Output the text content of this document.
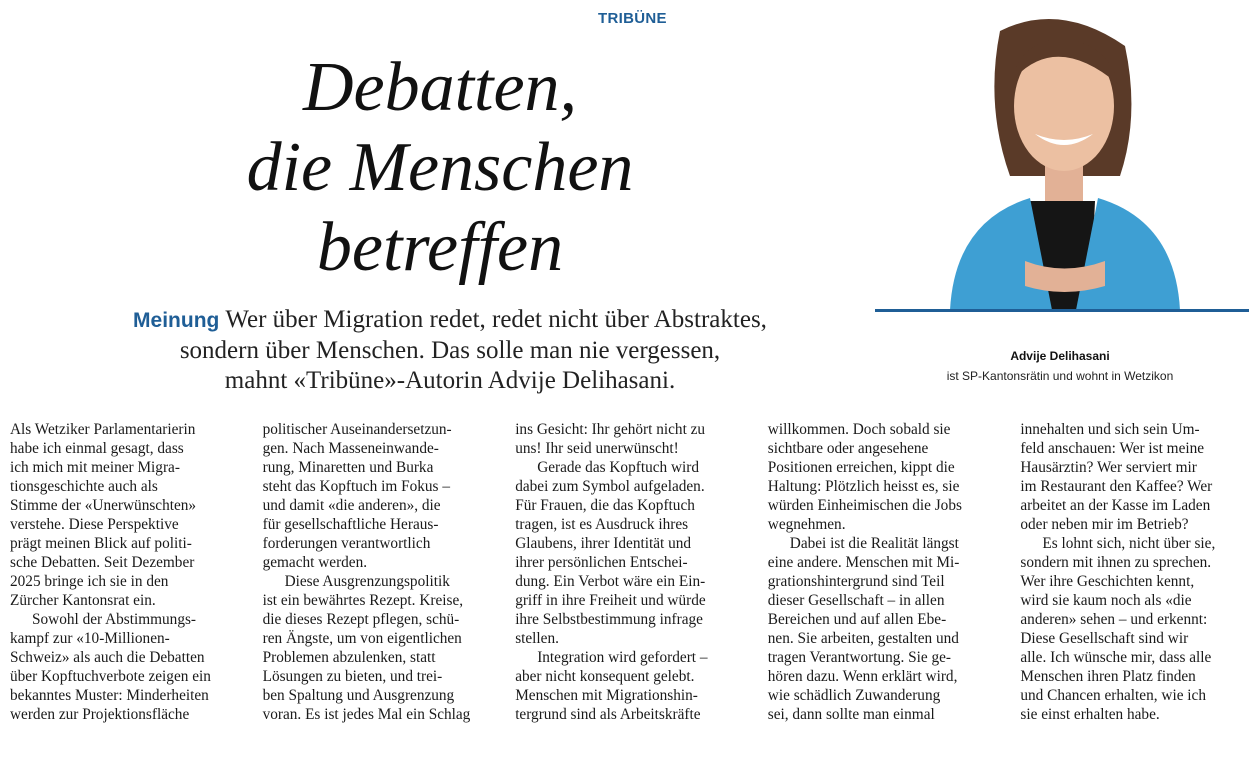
TRIBÜNE
Debatten,
die Menschen
betreffen
Meinung Wer über Migration redet, redet nicht über Abstraktes,
sondern über Menschen. Das solle man nie vergessen,
mahnt «Tribüne»-Autorin Advije Delihasani.
Advije Delihasani
ist SP-Kantonsrätin und wohnt in Wetzikon
Als Wetziker Parlamentarierin
habe ich einmal gesagt, dass
ich mich mit meiner Migra-
tionsgeschichte auch als
Stimme der «Unerwünschten»
verstehe. Diese Perspektive
prägt meinen Blick auf politi-
sche Debatten. Seit Dezember
2025 bringe ich sie in den
Zürcher Kantonsrat ein.
Sowohl der Abstimmungs-
kampf zur «10-Millionen-
Schweiz» als auch die Debatten
über Kopftuchverbote zeigen ein
bekanntes Muster: Minderheiten
werden zur Projektionsfläche
politischer Auseinandersetzun-
gen. Nach Masseneinwande-
rung, Minaretten und Burka
steht das Kopftuch im Fokus –
und damit «die anderen», die
für gesellschaftliche Heraus-
forderungen verantwortlich
gemacht werden.
Diese Ausgrenzungspolitik
ist ein bewährtes Rezept. Kreise,
die dieses Rezept pflegen, schü-
ren Ängste, um von eigentlichen
Problemen abzulenken, statt
Lösungen zu bieten, und trei-
ben Spaltung und Ausgrenzung
voran. Es ist jedes Mal ein Schlag
ins Gesicht: Ihr gehört nicht zu
uns! Ihr seid unerwünscht!
Gerade das Kopftuch wird
dabei zum Symbol aufgeladen.
Für Frauen, die das Kopftuch
tragen, ist es Ausdruck ihres
Glaubens, ihrer Identität und
ihrer persönlichen Entschei-
dung. Ein Verbot wäre ein Ein-
griff in ihre Freiheit und würde
ihre Selbstbestimmung infrage
stellen.
Integration wird gefordert –
aber nicht konsequent gelebt.
Menschen mit Migrationshin-
tergrund sind als Arbeitskräfte
willkommen. Doch sobald sie
sichtbare oder angesehene
Positionen erreichen, kippt die
Haltung: Plötzlich heisst es, sie
würden Einheimischen die Jobs
wegnehmen.
Dabei ist die Realität längst
eine andere. Menschen mit Mi-
grationshintergrund sind Teil
dieser Gesellschaft – in allen
Bereichen und auf allen Ebe-
nen. Sie arbeiten, gestalten und
tragen Verantwortung. Sie ge-
hören dazu. Wenn erklärt wird,
wie schädlich Zuwanderung
sei, dann sollte man einmal
innehalten und sich sein Um-
feld anschauen: Wer ist meine
Hausärztin? Wer serviert mir
im Restaurant den Kaffee? Wer
arbeitet an der Kasse im Laden
oder neben mir im Betrieb?
Es lohnt sich, nicht über sie,
sondern mit ihnen zu sprechen.
Wer ihre Geschichten kennt,
wird sie kaum noch als «die
anderen» sehen – und erkennt:
Diese Gesellschaft sind wir
alle. Ich wünsche mir, dass alle
Menschen ihren Platz finden
und Chancen erhalten, wie ich
sie einst erhalten habe.
